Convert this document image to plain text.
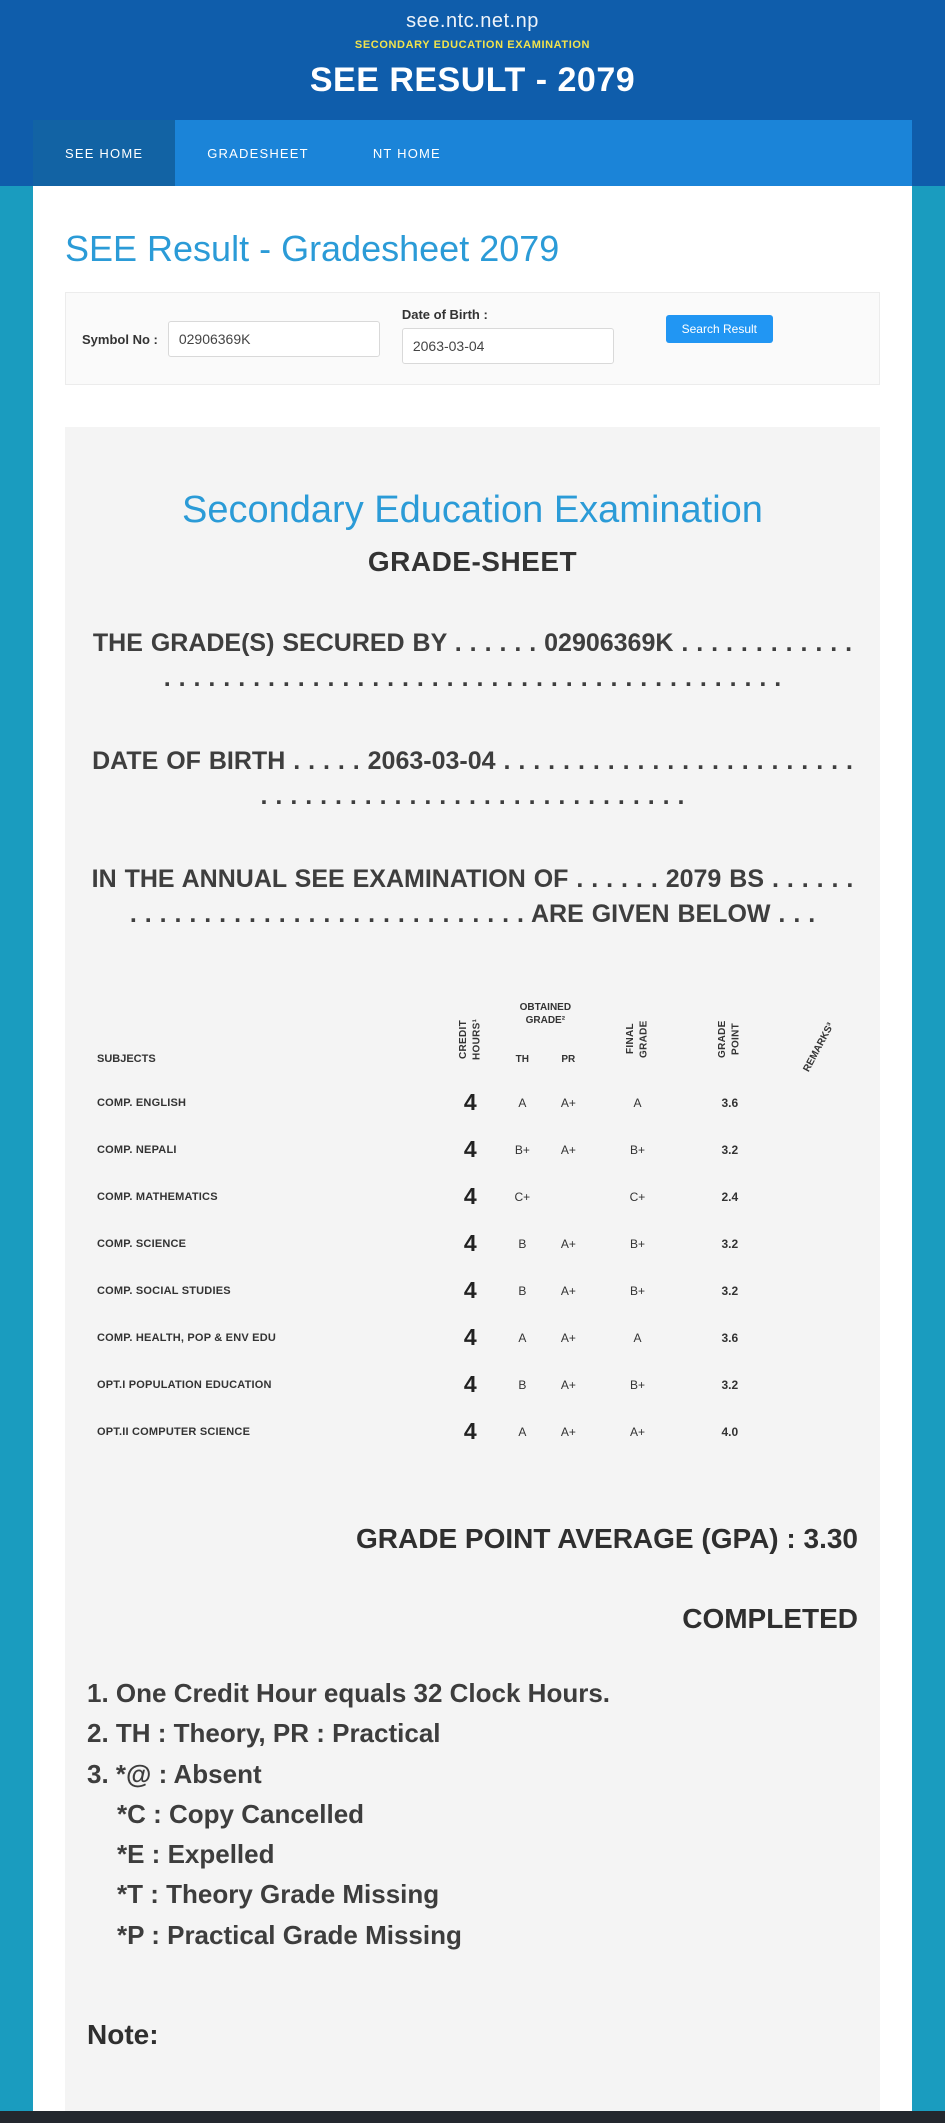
see.ntc.net.np
SECONDARY EDUCATION EXAMINATION
SEE RESULT - 2079
SEE HOME	GRADESHEET	NT HOME
SEE Result - Gradesheet 2079
Symbol No :
02906369K
Date of Birth :
2063-03-04
Search Result
Secondary Education Examination
GRADE-SHEET

THE GRADE(S) SECURED BY . . . . . . 02906369K . . . . . . . . . . . . . . . . . . . . . . . . . . . . . . . . . . . . . . . . . . . . . . . . . . . . . .

DATE OF BIRTH . . . . . 2063-03-04 . . . . . . . . . . . . . . . . . . . . . . . . . . . . . . . . . . . . . . . . . . . . . . . . . . . . .

IN THE ANNUAL SEE EXAMINATION OF . . . . . . 2079 BS . . . . . . . . . . . . . . . . . . . . . . . . . . . . . . . . . ARE GIVEN BELOW . . .

SUBJECTS	CREDIT HOURS¹	OBTAINED GRADE²		FINAL GRADE	GRADE POINT	REMARKS³
		TH	PR			
COMP. ENGLISH	4	A	A+	A	3.6	
COMP. NEPALI	4	B+	A+	B+	3.2	
COMP. MATHEMATICS	4	C+		C+	2.4	
COMP. SCIENCE	4	B	A+	B+	3.2	
COMP. SOCIAL STUDIES	4	B	A+	B+	3.2	
COMP. HEALTH, POP & ENV EDU	4	A	A+	A	3.6	
OPT.I POPULATION EDUCATION	4	B	A+	B+	3.2	
OPT.II COMPUTER SCIENCE	4	A	A+	A+	4.0	
GRADE POINT AVERAGE (GPA) : 3.30
COMPLETED
1. One Credit Hour equals 32 Clock Hours.
2. TH : Theory, PR : Practical
3. *@ : Absent
*C : Copy Cancelled
*E : Expelled
*T : Theory Grade Missing
*P : Practical Grade Missing
Note:
